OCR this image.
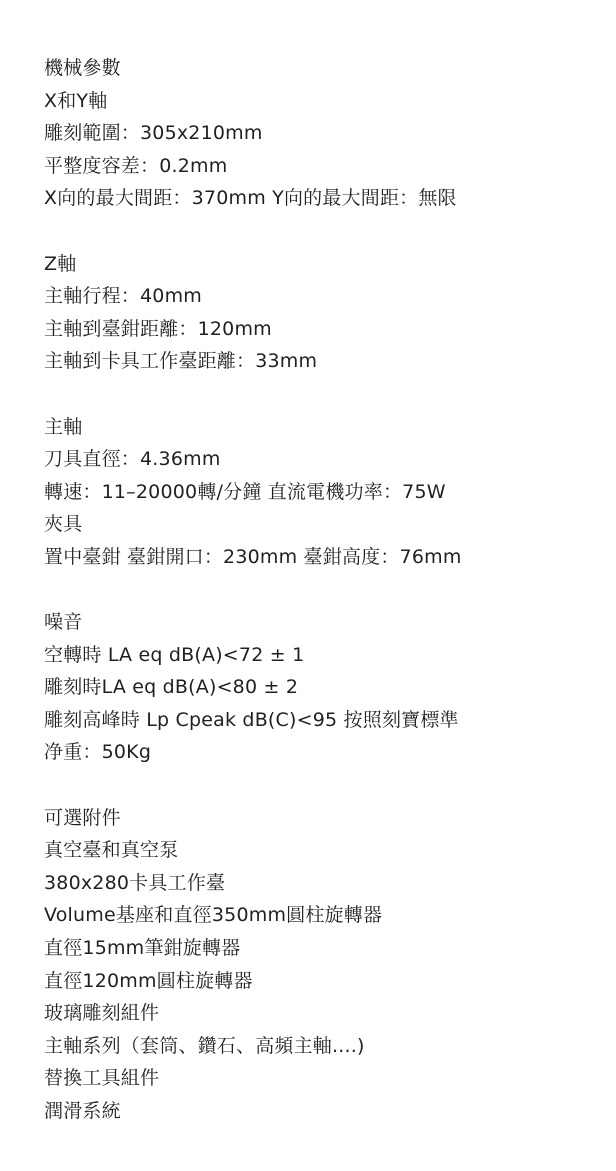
機械參數
X和Y軸
雕刻範圍：305x210mm
平整度容差：0.2mm
X向的最大間距：370mm Y向的最大間距：無限
Z軸
主軸行程：40mm
主軸到臺鉗距離：120mm
主軸到卡具工作臺距離：33mm
主軸
刀具直徑：4.36mm
轉速：11–20000轉/分鐘 直流電機功率：75W
夾具
置中臺鉗 臺鉗開口：230mm 臺鉗高度：76mm
噪音
空轉時 LA eq dB(A)<72 ± 1
雕刻時LA eq dB(A)<80 ± 2
雕刻高峰時 Lp Cpeak dB(C)<95 按照刻寶標準
净重：50Kg
可選附件
真空臺和真空泵
380x280卡具工作臺
Volume基座和直徑350mm圓柱旋轉器
直徑15mm筆鉗旋轉器
直徑120mm圓柱旋轉器
玻璃雕刻組件
主軸系列（套筒、鑽石、高頻主軸....)
替換工具組件
潤滑系統
